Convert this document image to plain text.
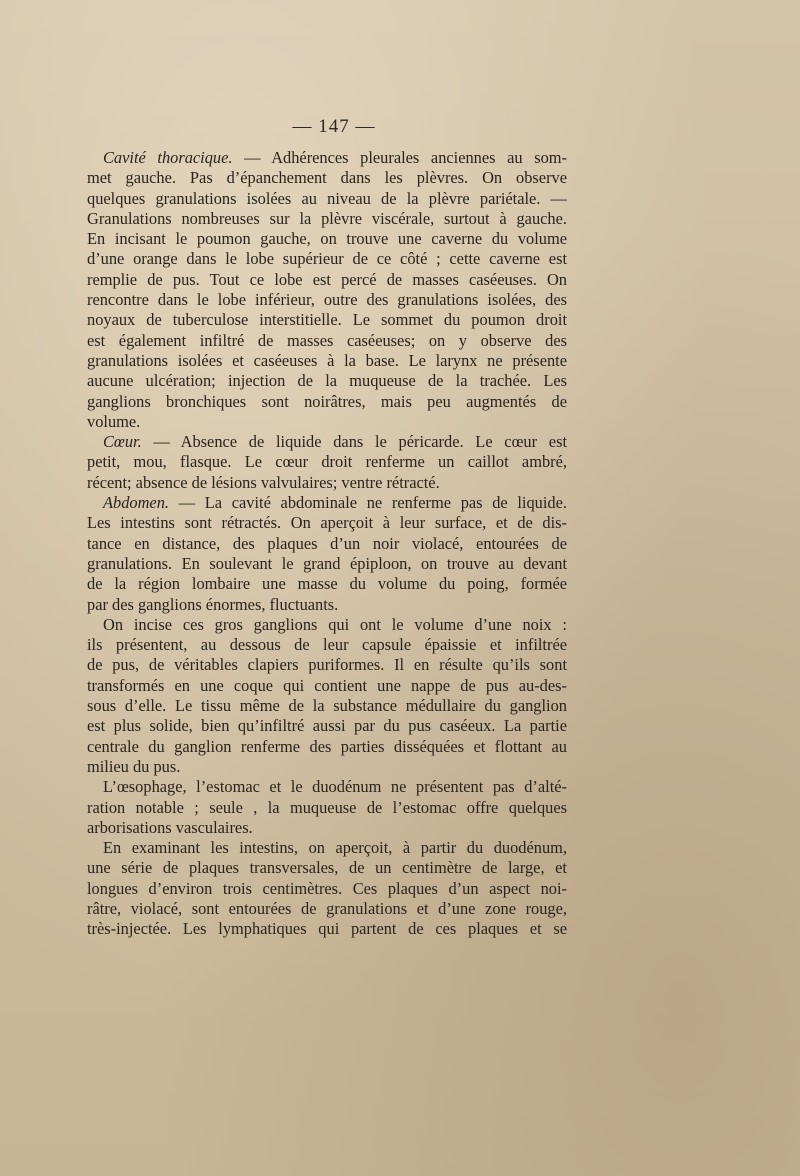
— 147 —
Cavité thoracique. — Adhérences pleurales anciennes au som-
met gauche. Pas d’épanchement dans les plèvres. On observe
quelques granulations isolées au niveau de la plèvre pariétale. —
Granulations nombreuses sur la plèvre viscérale, surtout à gauche.
En incisant le poumon gauche, on trouve une caverne du volume
d’une orange dans le lobe supérieur de ce côté ; cette caverne est
remplie de pus. Tout ce lobe est percé de masses caséeuses. On
rencontre dans le lobe inférieur, outre des granulations isolées, des
noyaux de tuberculose interstitielle. Le sommet du poumon droit
est également infiltré de masses caséeuses; on y observe des
granulations isolées et caséeuses à la base. Le larynx ne présente
aucune ulcération; injection de la muqueuse de la trachée. Les
ganglions bronchiques sont noirâtres, mais peu augmentés de
volume.
Cœur. — Absence de liquide dans le péricarde. Le cœur est
petit, mou, flasque. Le cœur droit renferme un caillot ambré,
récent; absence de lésions valvulaires; ventre rétracté.
Abdomen. — La cavité abdominale ne renferme pas de liquide.
Les intestins sont rétractés. On aperçoit à leur surface, et de dis-
tance en distance, des plaques d’un noir violacé, entourées de
granulations. En soulevant le grand épiploon, on trouve au devant
de la région lombaire une masse du volume du poing, formée
par des ganglions énormes, fluctuants.
On incise ces gros ganglions qui ont le volume d’une noix :
ils présentent, au dessous de leur capsule épaissie et infiltrée
de pus, de véritables clapiers puriformes. Il en résulte qu’ils sont
transformés en une coque qui contient une nappe de pus au-des-
sous d’elle. Le tissu même de la substance médullaire du ganglion
est plus solide, bien qu’infiltré aussi par du pus caséeux. La partie
centrale du ganglion renferme des parties disséquées et flottant au
milieu du pus.
L’œsophage, l’estomac et le duodénum ne présentent pas d’alté-
ration notable ; seule , la muqueuse de l’estomac offre quelques
arborisations vasculaires.
En examinant les intestins, on aperçoit, à partir du duodénum,
une série de plaques transversales, de un centimètre de large, et
longues d’environ trois centimètres. Ces plaques d’un aspect noi-
râtre, violacé, sont entourées de granulations et d’une zone rouge,
très-injectée. Les lymphatiques qui partent de ces plaques et se
